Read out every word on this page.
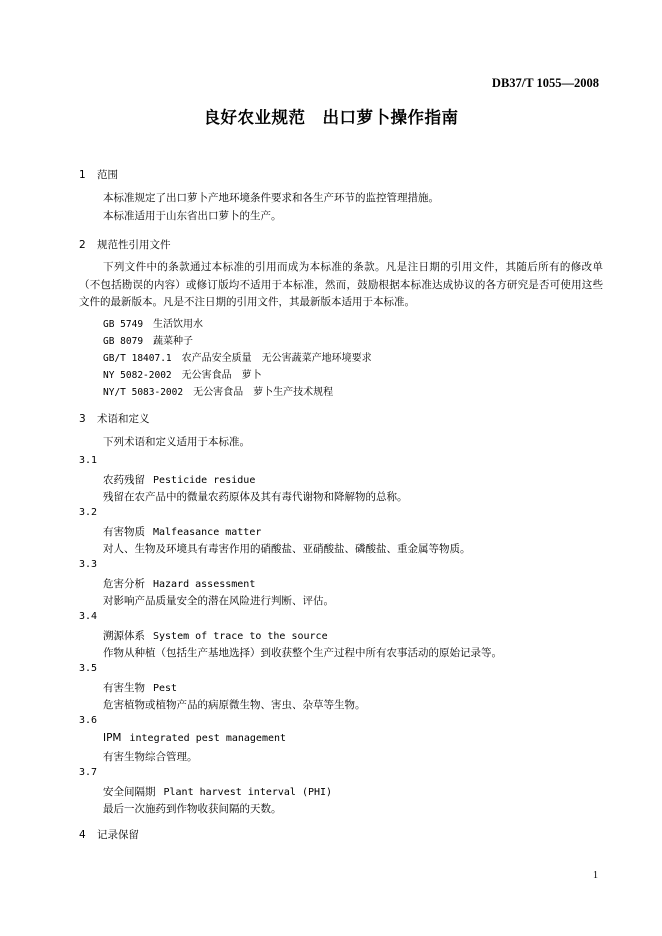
DB37/T 1055—2008
良好农业规范　出口萝卜操作指南
1 范围
本标准规定了出口萝卜产地环境条件要求和各生产环节的监控管理措施。
本标准适用于山东省出口萝卜的生产。
2 规范性引用文件
下列文件中的条款通过本标准的引用而成为本标准的条款。凡是注日期的引用文件，其随后所有的修改单（不包括勘误的内容）或修订版均不适用于本标准，然而，鼓励根据本标准达成协议的各方研究是否可使用这些文件的最新版本。凡是不注日期的引用文件，其最新版本适用于本标准。
GB 5749　 生活饮用水
GB 8079　 蔬菜种子
GB/T 18407.1　 农产品安全质量　无公害蔬菜产地环境要求
NY 5082-2002　 无公害食品　萝卜
NY/T 5083-2002　 无公害食品　萝卜生产技术规程
3 术语和定义
下列术语和定义适用于本标准。
3.1
农药残留 Pesticide residue
残留在农产品中的微量农药原体及其有毒代谢物和降解物的总称。
3.2
有害物质 Malfeasance matter
对人、生物及环境具有毒害作用的硝酸盐、亚硝酸盐、磷酸盐、重金属等物质。
3.3
危害分析 Hazard assessment
对影响产品质量安全的潜在风险进行判断、评估。
3.4
溯源体系 System of trace to the source
作物从种植（包括生产基地选择）到收获整个生产过程中所有农事活动的原始记录等。
3.5
有害生物 Pest
危害植物或植物产品的病原微生物、害虫、杂草等生物。
3.6
IPM integrated pest management
有害生物综合管理。
3.7
安全间隔期 Plant harvest interval (PHI)
最后一次施药到作物收获间隔的天数。
4 记录保留
1
